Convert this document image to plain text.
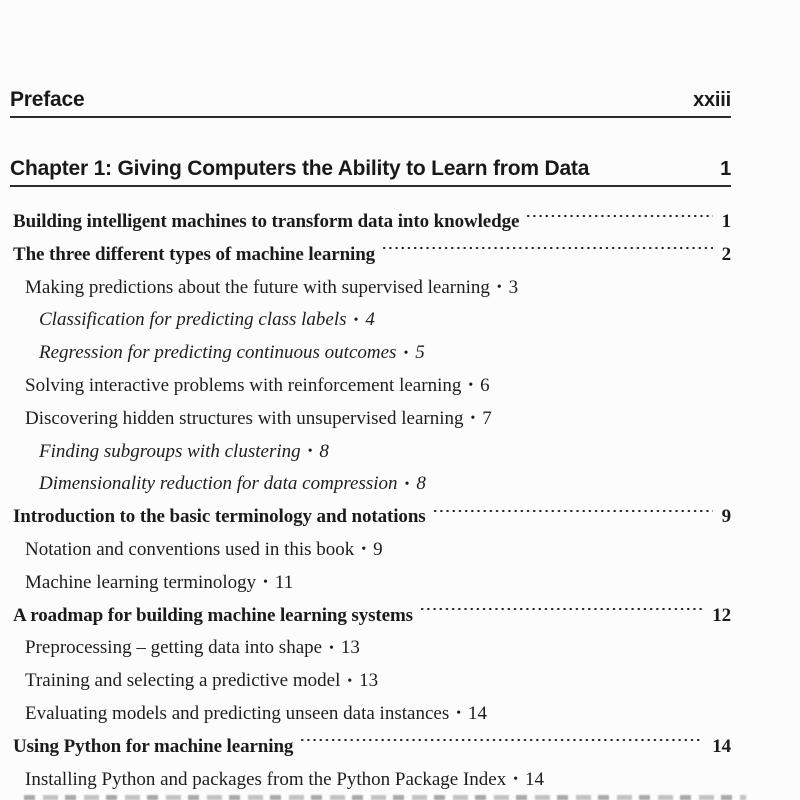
Preface	xxiii
Chapter 1: Giving Computers the Ability to Learn from Data	1
Building intelligent machines to transform data into knowledge	1
The three different types of machine learning	2
Making predictions about the future with supervised learning • 3
Classification for predicting class labels • 4
Regression for predicting continuous outcomes • 5
Solving interactive problems with reinforcement learning • 6
Discovering hidden structures with unsupervised learning • 7
Finding subgroups with clustering • 8
Dimensionality reduction for data compression • 8
Introduction to the basic terminology and notations	9
Notation and conventions used in this book • 9
Machine learning terminology • 11
A roadmap for building machine learning systems	12
Preprocessing – getting data into shape • 13
Training and selecting a predictive model • 13
Evaluating models and predicting unseen data instances • 14
Using Python for machine learning	14
Installing Python and packages from the Python Package Index • 14
